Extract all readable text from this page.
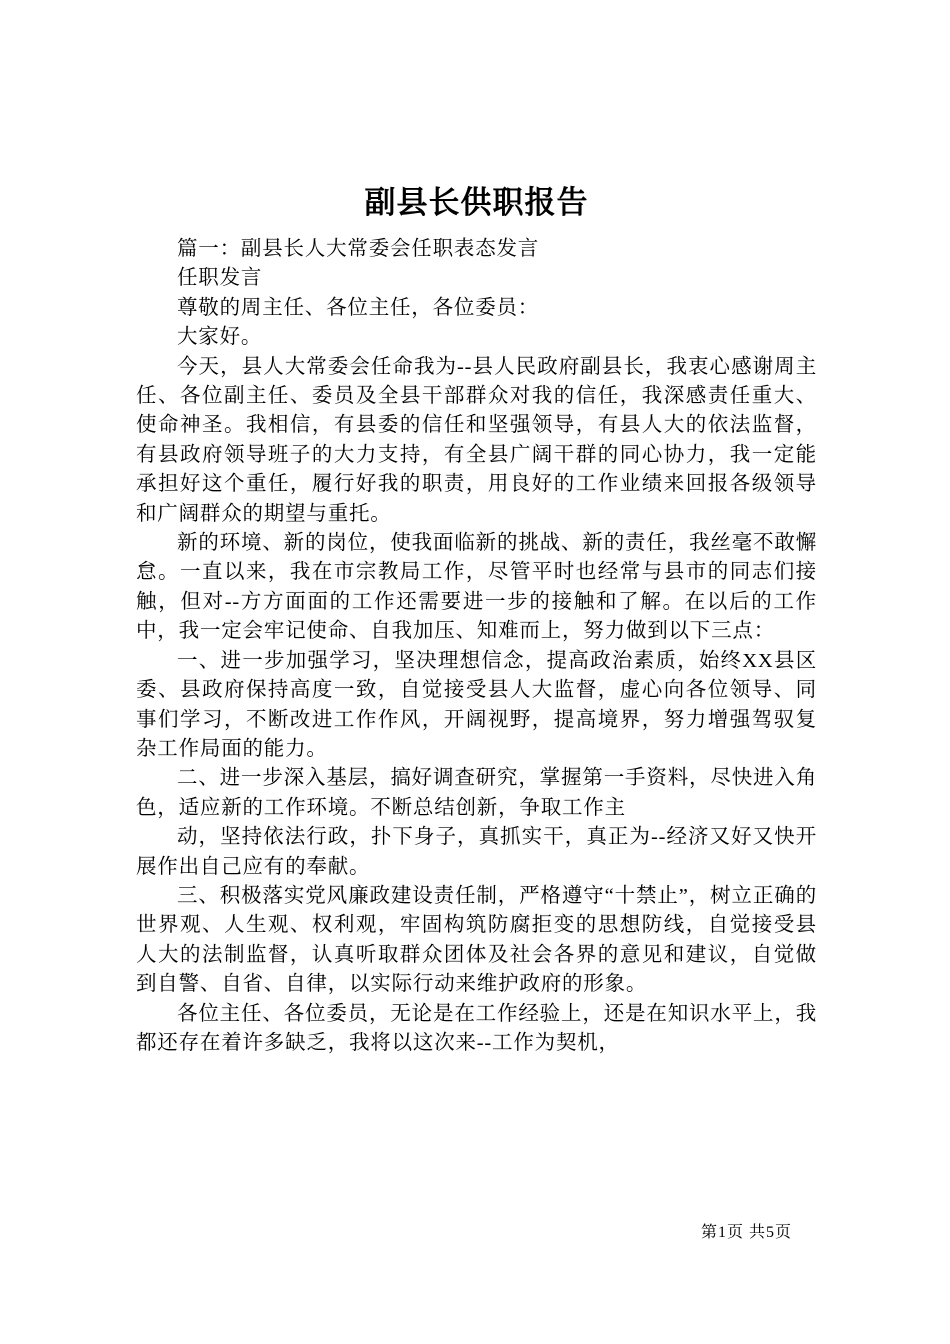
副县长供职报告

篇一：副县长人大常委会任职表态发言

任职发言

尊敬的周主任、各位主任，各位委员：

大家好。

今天，县人大常委会任命我为--县人民政府副县长，我衷心感谢周主任、各位副主任、委员及全县干部群众对我的信任，我深感责任重大、使命神圣。我相信，有县委的信任和坚强领导，有县人大的依法监督，有县政府领导班子的大力支持，有全县广阔干群的同心协力，我一定能承担好这个重任，履行好我的职责，用良好的工作业绩来回报各级领导和广阔群众的期望与重托。

新的环境、新的岗位，使我面临新的挑战、新的责任，我丝毫不敢懈怠。一直以来，我在市宗教局工作，尽管平时也经常与县市的同志们接触，但对--方方面面的工作还需要进一步的接触和了解。在以后的工作中，我一定会牢记使命、自我加压、知难而上，努力做到以下三点：

一、进一步加强学习，坚决理想信念，提高政治素质，始终XX县区委、县政府保持高度一致，自觉接受县人大监督，虚心向各位领导、同事们学习，不断改进工作作风，开阔视野，提高境界，努力增强驾驭复杂工作局面的能力。

二、进一步深入基层，搞好调查研究，掌握第一手资料，尽快进入角色，适应新的工作环境。不断总结创新，争取工作主

动，坚持依法行政，扑下身子，真抓实干，真正为--经济又好又快开展作出自己应有的奉献。

三、积极落实党风廉政建设责任制，严格遵守“十禁止”，树立正确的世界观、人生观、权利观，牢固构筑防腐拒变的思想防线，自觉接受县人大的法制监督，认真听取群众团体及社会各界的意见和建议，自觉做到自警、自省、自律，以实际行动来维护政府的形象。

各位主任、各位委员，无论是在工作经验上，还是在知识水平上，我都还存在着许多缺乏，我将以这次来--工作为契机，

第1页 共5页
